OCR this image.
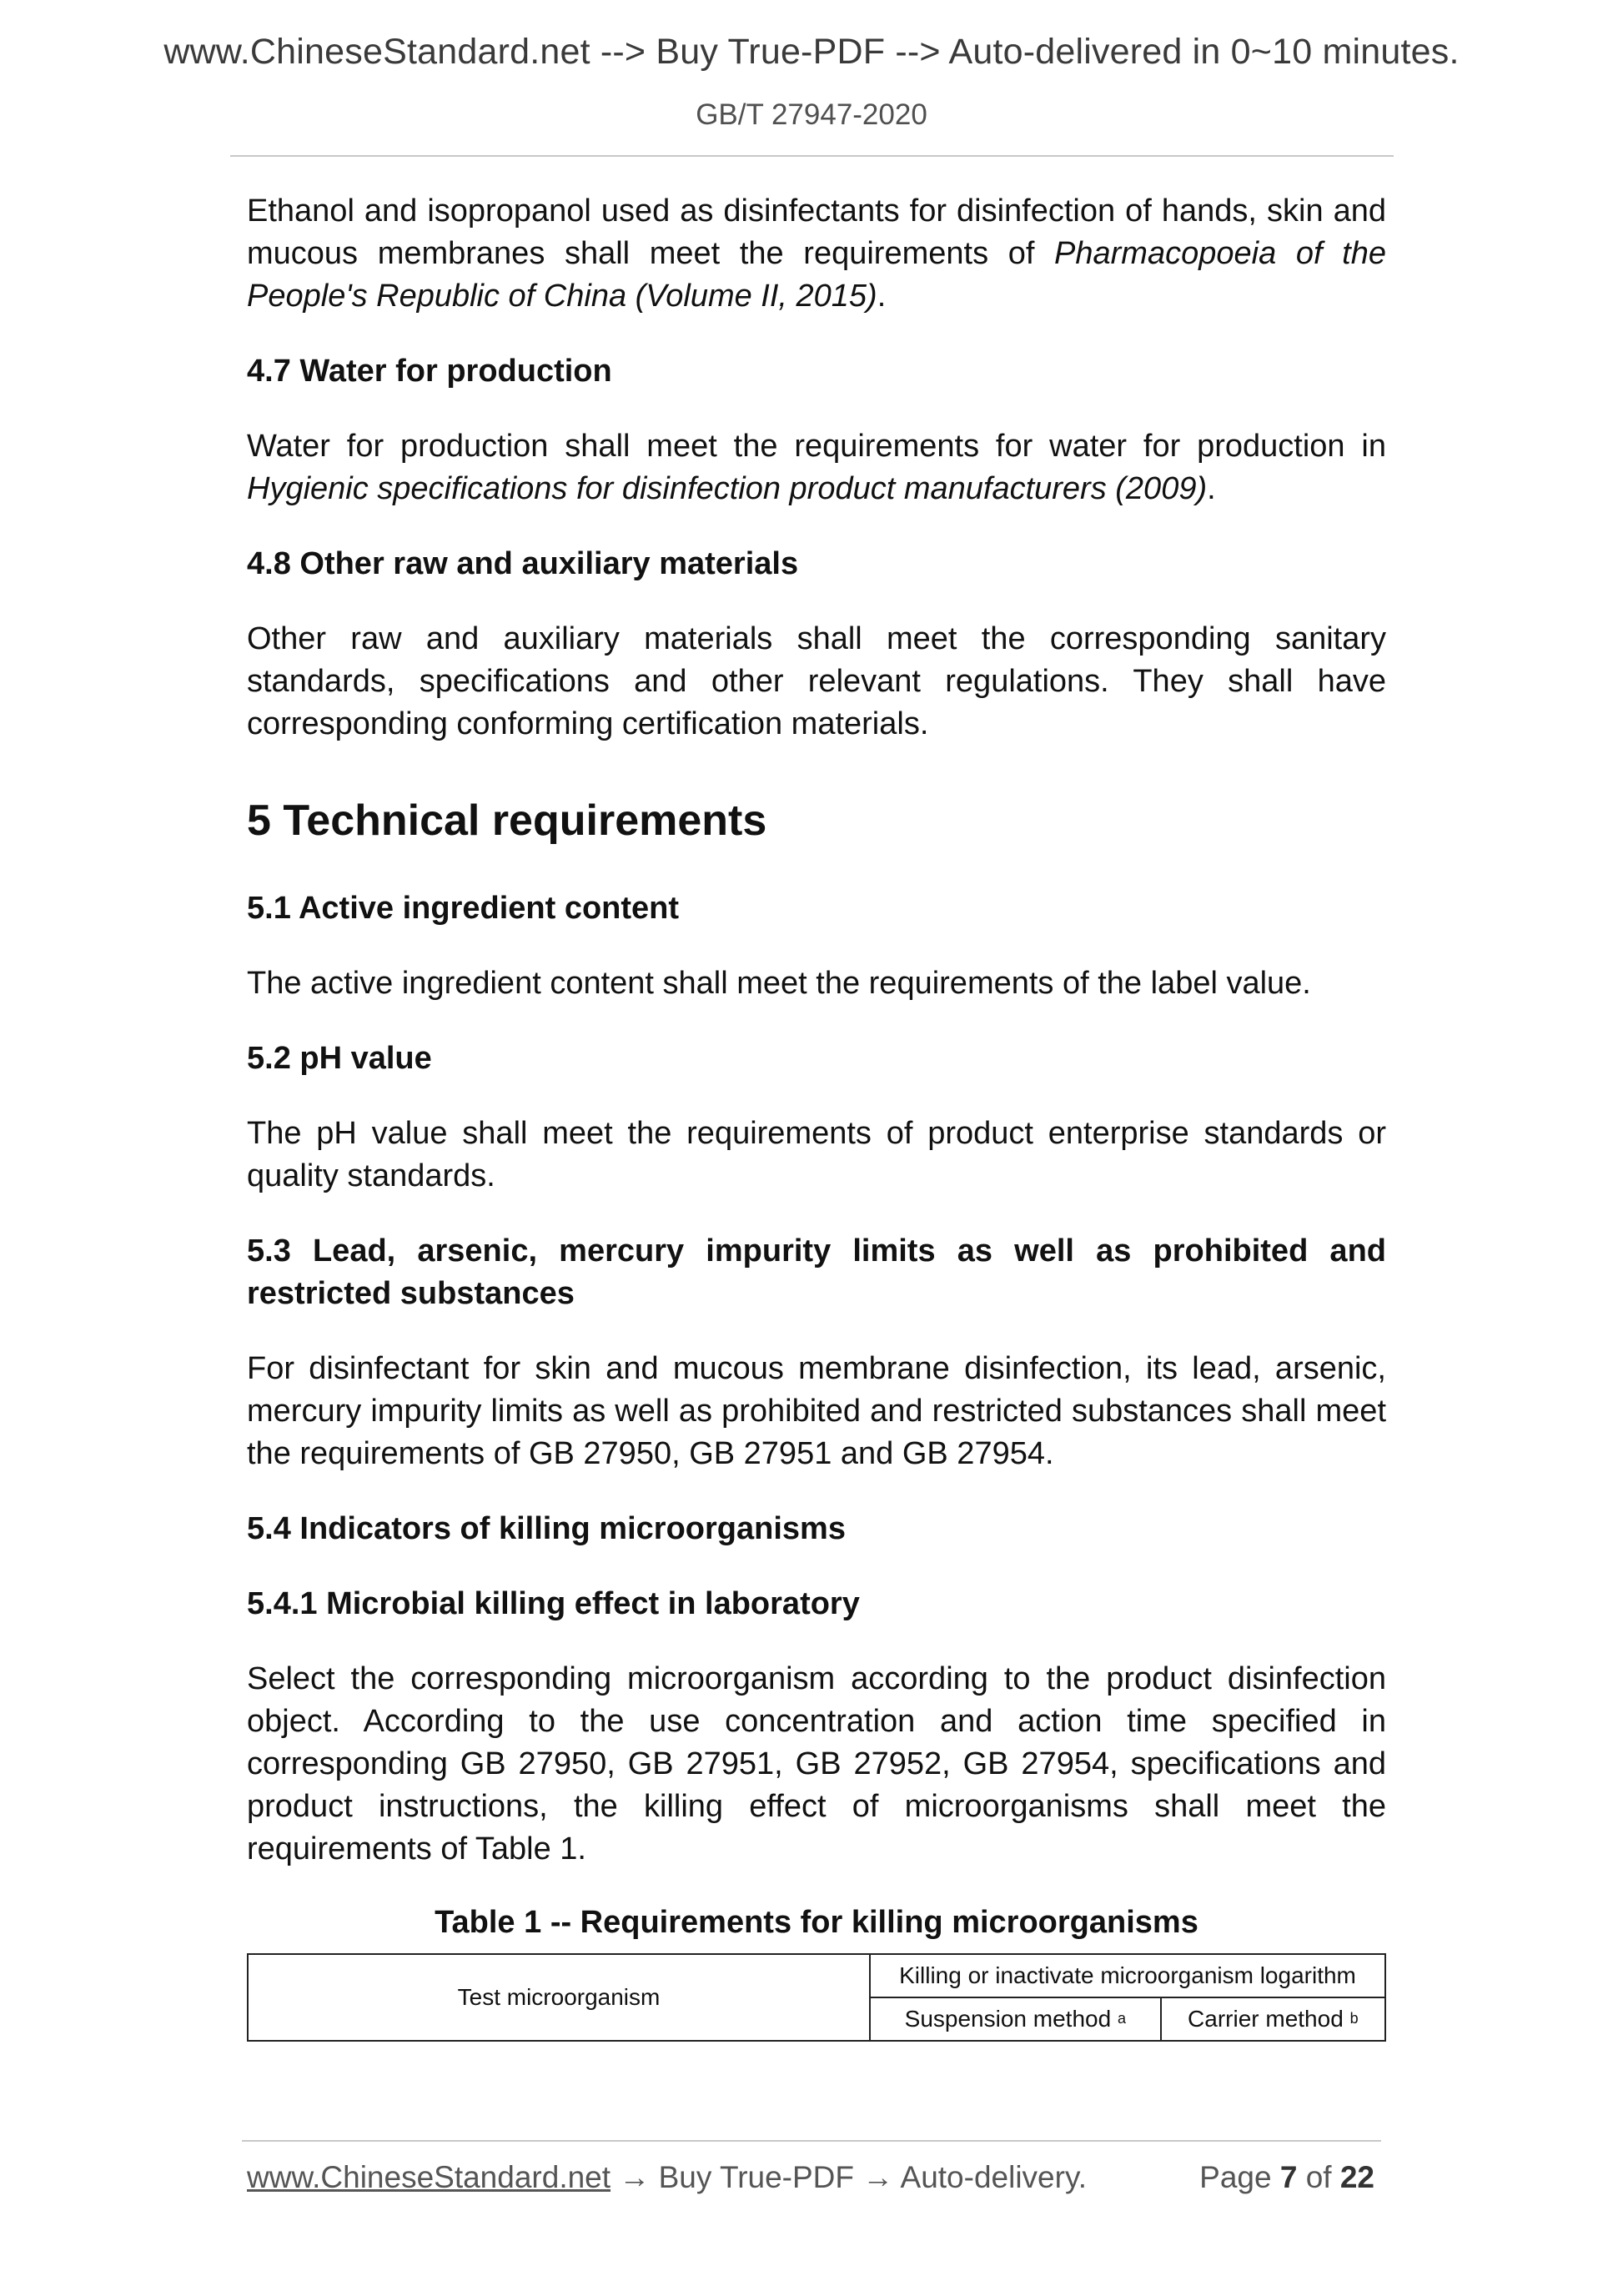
www.ChineseStandard.net --> Buy True-PDF --> Auto-delivered in 0~10 minutes.
GB/T 27947-2020

Ethanol and isopropanol used as disinfectants for disinfection of hands, skin and mucous membranes shall meet the requirements of Pharmacopoeia of the People's Republic of China (Volume II, 2015).

4.7 Water for production

Water for production shall meet the requirements for water for production in Hygienic specifications for disinfection product manufacturers (2009).

4.8 Other raw and auxiliary materials

Other raw and auxiliary materials shall meet the corresponding sanitary standards, specifications and other relevant regulations. They shall have corresponding conforming certification materials.

5 Technical requirements
5.1 Active ingredient content

The active ingredient content shall meet the requirements of the label value.

5.2 pH value

The pH value shall meet the requirements of product enterprise standards or quality standards.

5.3 Lead, arsenic, mercury impurity limits as well as prohibited and restricted substances

For disinfectant for skin and mucous membrane disinfection, its lead, arsenic, mercury impurity limits as well as prohibited and restricted substances shall meet the requirements of GB 27950, GB 27951 and GB 27954.

5.4 Indicators of killing microorganisms
5.4.1 Microbial killing effect in laboratory

Select the corresponding microorganism according to the product disinfection object. According to the use concentration and action time specified in corresponding GB 27950, GB 27951, GB 27952, GB 27954, specifications and product instructions, the killing effect of microorganisms shall meet the requirements of Table 1.

Table 1 -- Requirements for killing microorganisms
Test microorganism	Killing or inactivate microorganism logarithm	
	Suspension method $^a$	Carrier method $^b$
www.ChineseStandard.net → Buy True-PDF → Auto-delivery.	Page 7 of 22
